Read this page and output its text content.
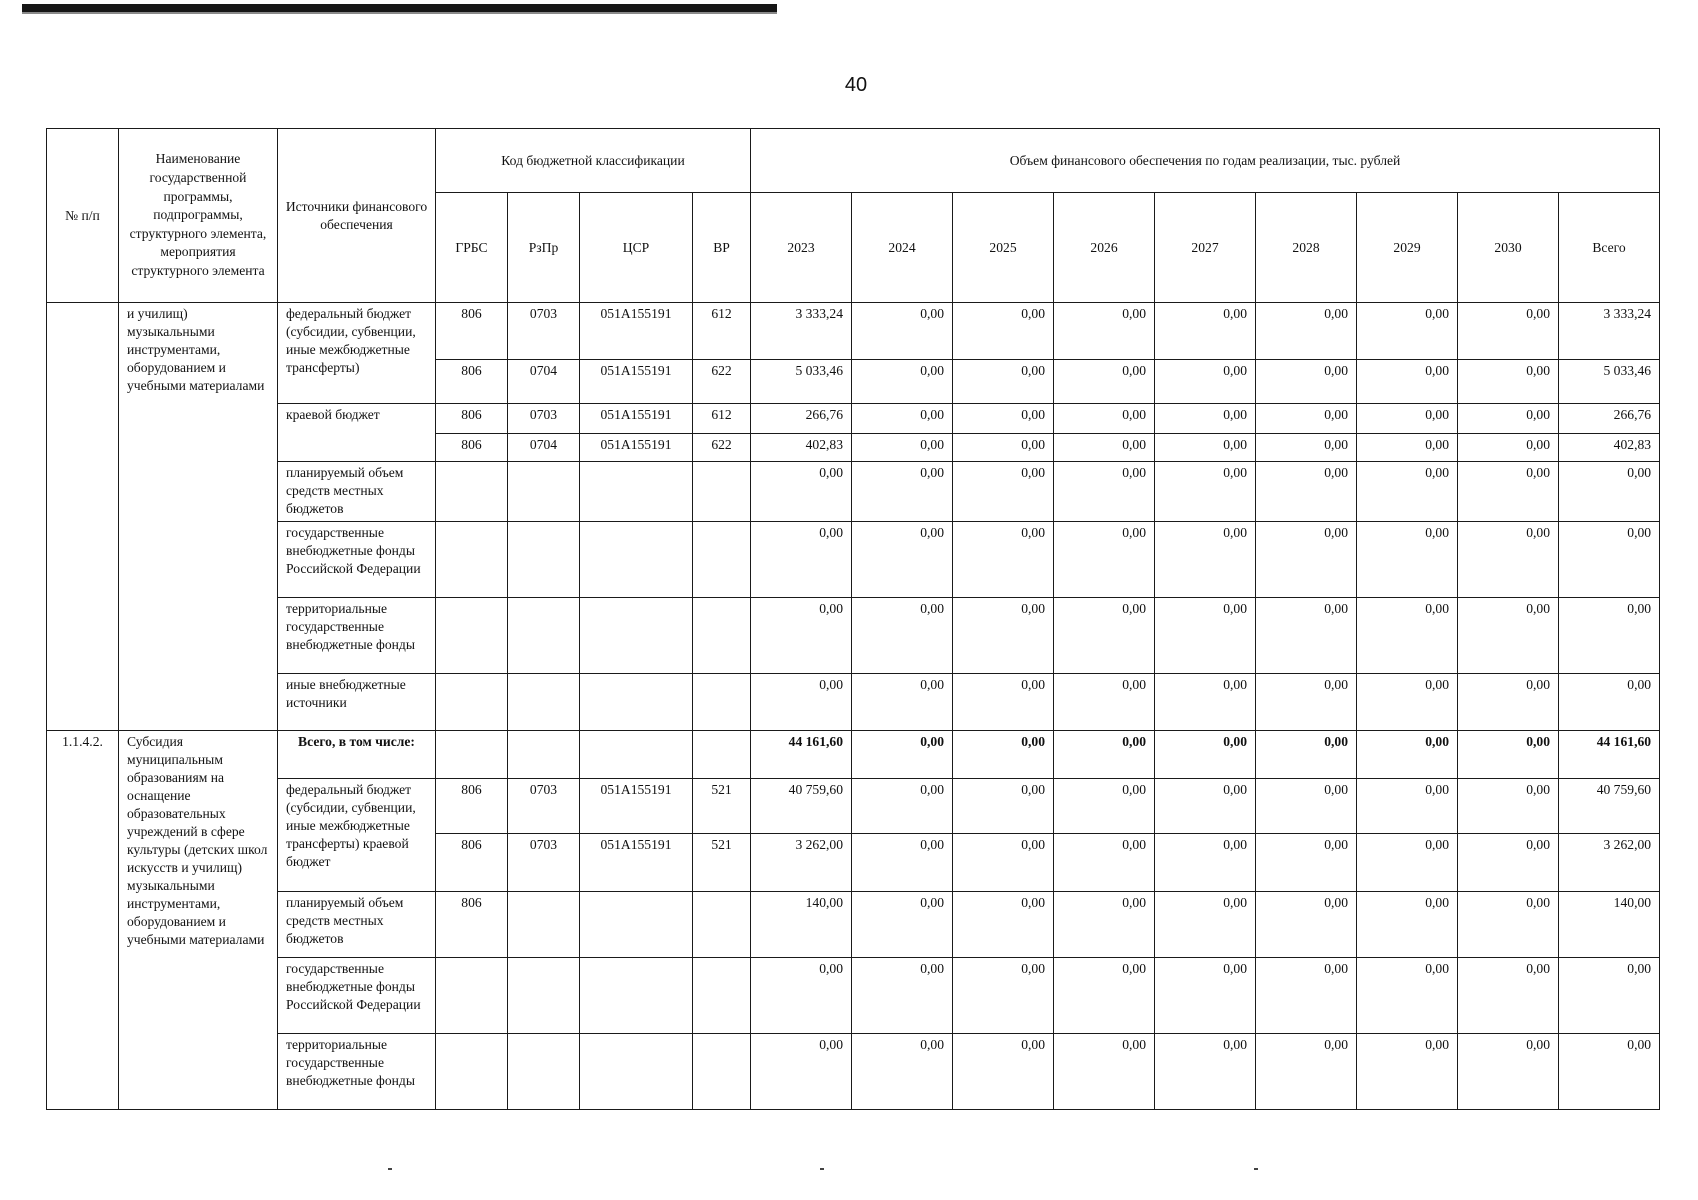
40
№ п/п	Наименование государственной программы, подпрограммы, структурного элемента, мероприятия структурного элемента	Источники финансового обеспечения	Код бюджетной классификации				Объем финансового обеспечения по годам реализации, тыс. рублей								
			ГРБС	РзПр	ЦСР	ВР	2023	2024	2025	2026	2027	2028	2029	2030	Всего
	и училищ) музыкальными инструментами, оборудованием и учебными материалами	федеральный бюджет (субсидии, субвенции, иные межбюджетные трансферты)	806	0703	051А155191	612	3 333,24	0,00	0,00	0,00	0,00	0,00	0,00	0,00	3 333,24
			806	0704	051А155191	622	5 033,46	0,00	0,00	0,00	0,00	0,00	0,00	0,00	5 033,46
		краевой бюджет	806	0703	051А155191	612	266,76	0,00	0,00	0,00	0,00	0,00	0,00	0,00	266,76
			806	0704	051А155191	622	402,83	0,00	0,00	0,00	0,00	0,00	0,00	0,00	402,83
		планируемый объем средств местных бюджетов					0,00	0,00	0,00	0,00	0,00	0,00	0,00	0,00	0,00
		государственные внебюджетные фонды Российской Федерации					0,00	0,00	0,00	0,00	0,00	0,00	0,00	0,00	0,00
		территориальные государственные внебюджетные фонды					0,00	0,00	0,00	0,00	0,00	0,00	0,00	0,00	0,00
		иные внебюджетные источники					0,00	0,00	0,00	0,00	0,00	0,00	0,00	0,00	0,00
1.1.4.2.	Субсидия муниципальным образованиям на оснащение образовательных учреждений в сфере культуры (детских школ искусств и училищ) музыкальными инструментами, оборудованием и учебными материалами	Всего, в том числе:					44 161,60	0,00	0,00	0,00	0,00	0,00	0,00	0,00	44 161,60
		федеральный бюджет (субсидии, субвенции, иные межбюджетные трансферты) краевой бюджет	806	0703	051А155191	521	40 759,60	0,00	0,00	0,00	0,00	0,00	0,00	0,00	40 759,60
			806	0703	051А155191	521	3 262,00	0,00	0,00	0,00	0,00	0,00	0,00	0,00	3 262,00
		планируемый объем средств местных бюджетов	806				140,00	0,00	0,00	0,00	0,00	0,00	0,00	0,00	140,00
		государственные внебюджетные фонды Российской Федерации					0,00	0,00	0,00	0,00	0,00	0,00	0,00	0,00	0,00
		территориальные государственные внебюджетные фонды					0,00	0,00	0,00	0,00	0,00	0,00	0,00	0,00	0,00
